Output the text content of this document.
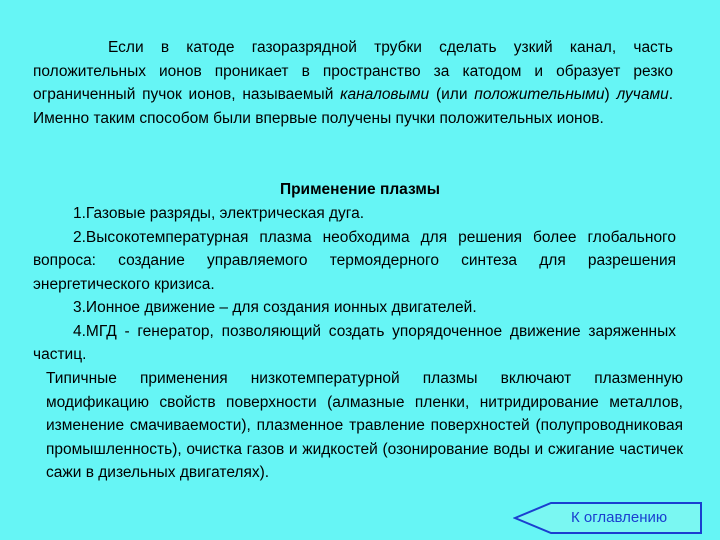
Если в катоде газоразрядной трубки сделать узкий канал, часть положительных ионов проникает в пространство за катодом и образует резко ограниченный пучок ионов, называемый каналовыми (или положительными) лучами. Именно таким способом были впервые получены пучки положительных ионов.
Применение плазмы

1.Газовые разряды, электрическая дуга.

2.Высокотемпературная плазма необходима для решения более глобального вопроса: создание управляемого термоядерного синтеза для разрешения энергетического кризиса.

3.Ионное движение – для создания ионных двигателей.

4.МГД - генератор, позволяющий создать упорядоченное движение заряженных частиц.

Типичные применения низкотемпературной плазмы включают плазменную модификацию свойств поверхности (алмазные пленки, нитридирование металлов, изменение смачиваемости), плазменное травление поверхностей (полупроводниковая промышленность), очистка газов и жидкостей (озонирование воды и сжигание частичек сажи в дизельных двигателях).
К оглавлению
